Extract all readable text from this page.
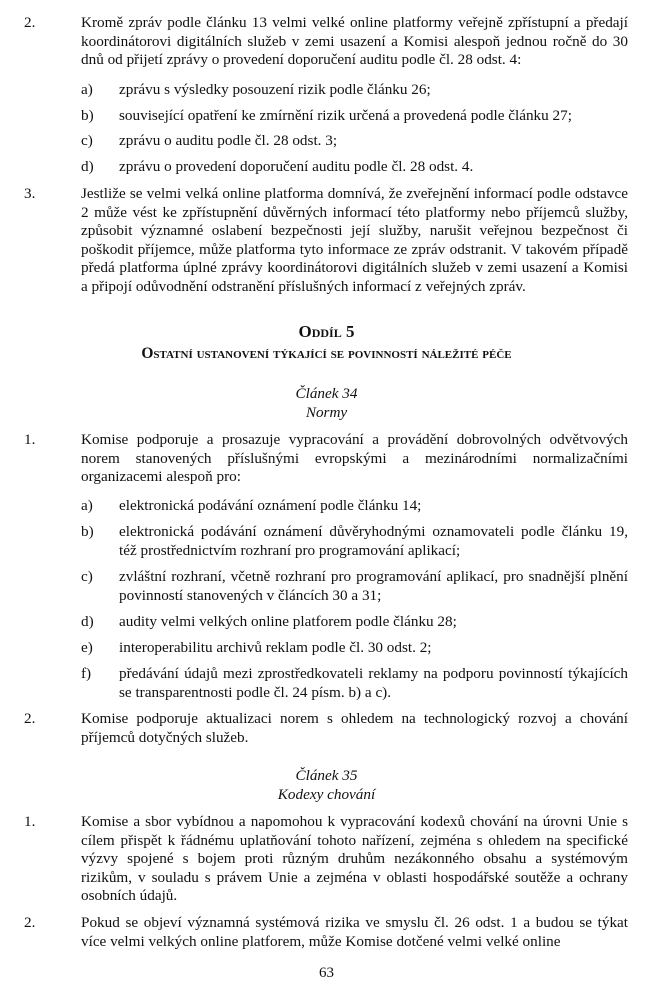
2.	Kromě zpráv podle článku 13 velmi velké online platformy veřejně zpřístupní a předají koordinátorovi digitálních služeb v zemi usazení a Komisi alespoň jednou ročně do 30 dnů od přijetí zprávy o provedení doporučení auditu podle čl. 28 odst. 4:

a) zprávu s výsledky posouzení rizik podle článku 26;

b) související opatření ke zmírnění rizik určená a provedená podle článku 27;

c) zprávu o auditu podle čl. 28 odst. 3;

d) zprávu o provedení doporučení auditu podle čl. 28 odst. 4.

3.	Jestliže se velmi velká online platforma domnívá, že zveřejnění informací podle odstavce 2 může vést ke zpřístupnění důvěrných informací této platformy nebo příjemců služby, způsobit významné oslabení bezpečnosti její služby, narušit veřejnou bezpečnost či poškodit příjemce, může platforma tyto informace ze zpráv odstranit. V takovém případě předá platforma úplné zprávy koordinátorovi digitálních služeb v zemi usazení a Komisi a připojí odůvodnění odstranění příslušných informací z veřejných zpráv.

Oddíl 5

Ostatní ustanovení týkající se povinností náležité péče

Článek 34

Normy

1.	Komise podporuje a prosazuje vypracování a provádění dobrovolných odvětvových norem stanovených příslušnými evropskými a mezinárodními normalizačními organizacemi alespoň pro:

a) elektronická podávání oznámení podle článku 14;

b) elektronická podávání oznámení důvěryhodnými oznamovateli podle článku 19, též prostřednictvím rozhraní pro programování aplikací;

c) zvláštní rozhraní, včetně rozhraní pro programování aplikací, pro snadnější plnění povinností stanovených v článcích 30 a 31;

d) audity velmi velkých online platforem podle článku 28;

e) interoperabilitu archivů reklam podle čl. 30 odst. 2;

f) předávání údajů mezi zprostředkovateli reklamy na podporu povinností týkajících se transparentnosti podle čl. 24 písm. b) a c).

2.	Komise podporuje aktualizaci norem s ohledem na technologický rozvoj a chování příjemců dotyčných služeb.

Článek 35

Kodexy chování

1.	Komise a sbor vybídnou a napomohou k vypracování kodexů chování na úrovni Unie s cílem přispět k řádnému uplatňování tohoto nařízení, zejména s ohledem na specifické výzvy spojené s bojem proti různým druhům nezákonného obsahu a systémovým rizikům, v souladu s právem Unie a zejména v oblasti hospodářské soutěže a ochrany osobních údajů.

2.	Pokud se objeví významná systémová rizika ve smyslu čl. 26 odst. 1 a budou se týkat více velmi velkých online platforem, může Komise dotčené velmi velké online

63
